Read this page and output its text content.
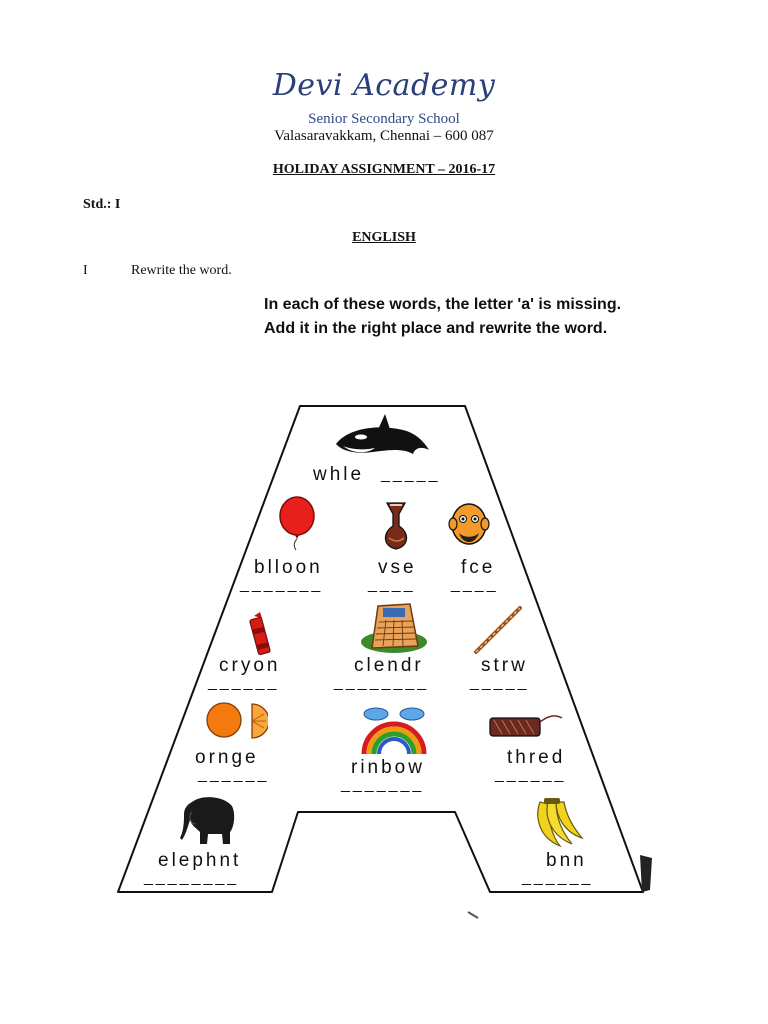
Devi Academy
Senior Secondary School
Valasaravakkam, Chennai – 600 087
HOLIDAY ASSIGNMENT – 2016-17
Std.: I
ENGLISH
I	Rewrite the word.
In each of these words, the letter 'a' is missing.
Add it in the right place and rewrite the word.
whle _____
blloon
_______
vse
____
fce
____
cryon
______
clendr
________
strw
_____
ornge
______	rinbow
_______
thred
______
elephnt
________
bnn
______
